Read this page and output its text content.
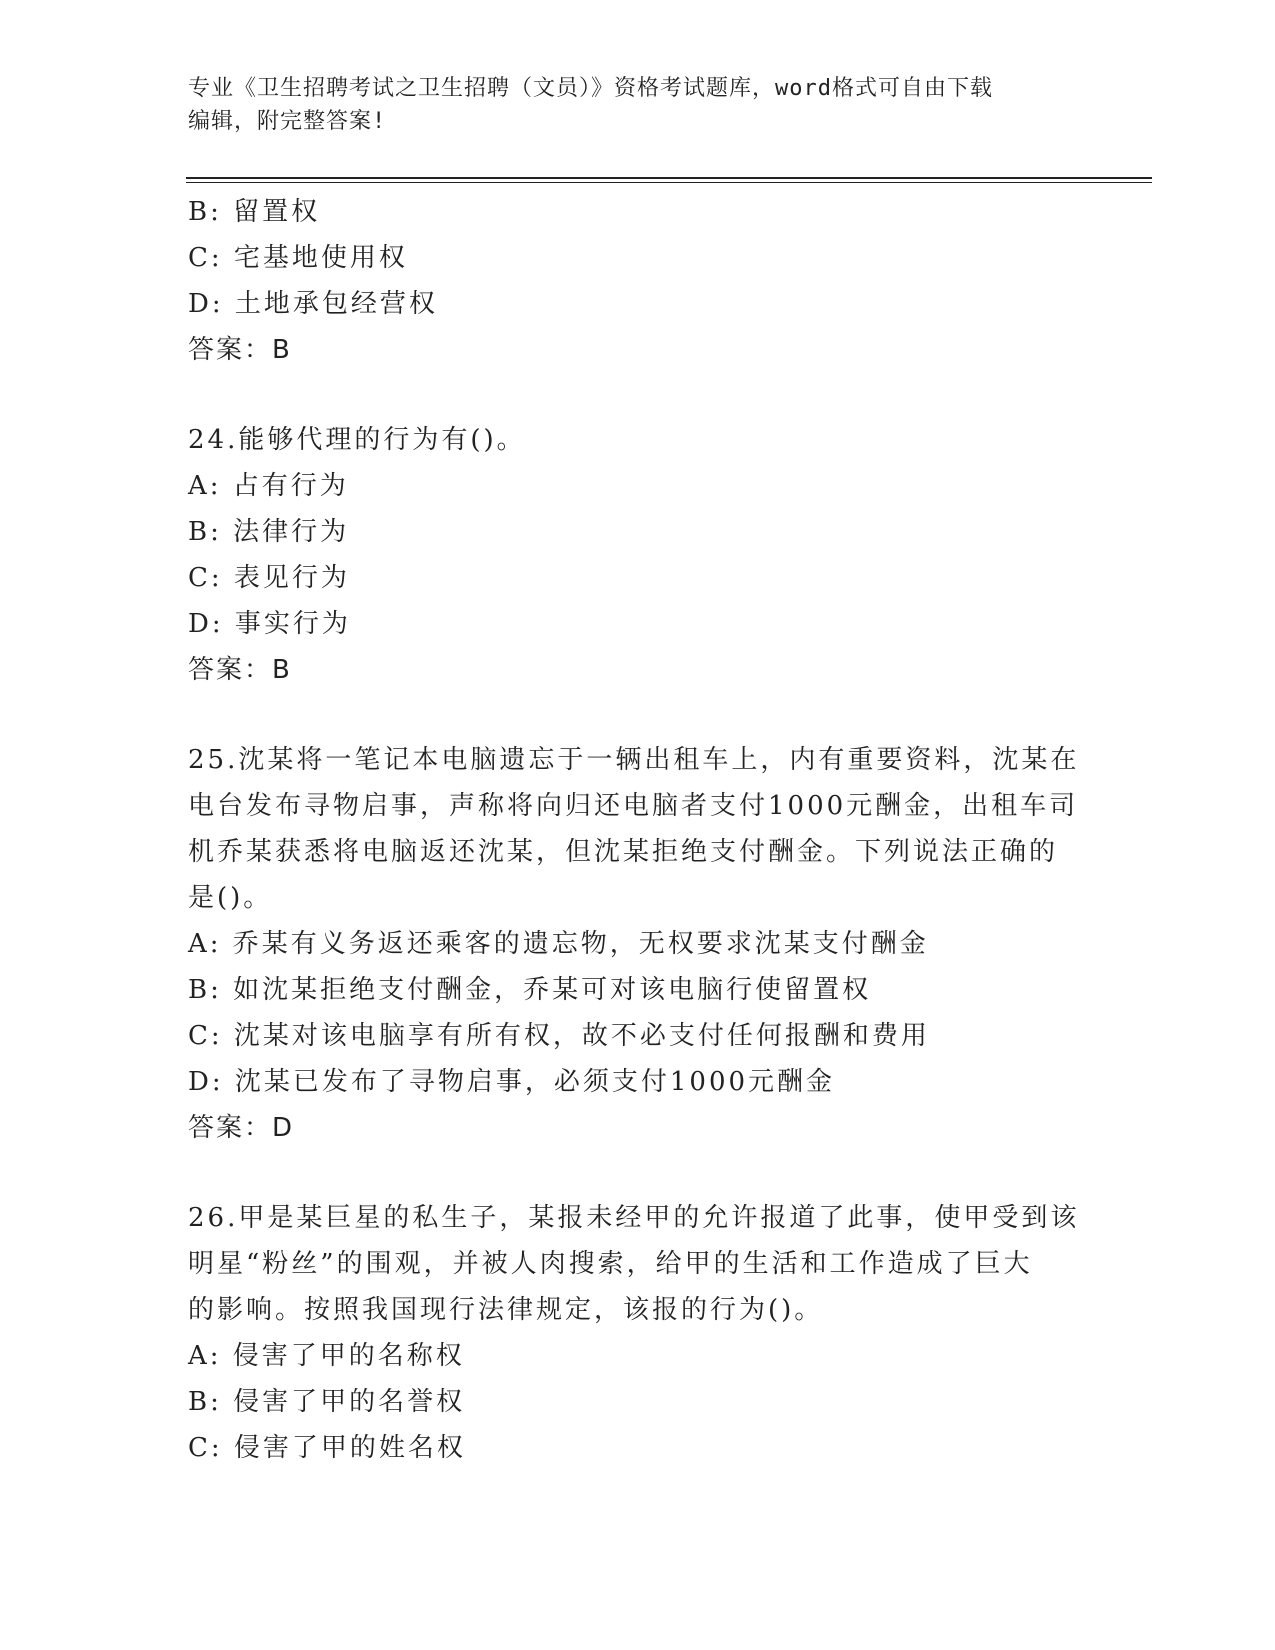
专业《卫生招聘考试之卫生招聘（文员）》资格考试题库，word格式可自由下载
编辑，附完整答案!
B: 留置权
C: 宅基地使用权
D: 土地承包经营权
答案：B
24.能够代理的行为有()。
A: 占有行为
B: 法律行为
C: 表见行为
D: 事实行为
答案：B
25.沈某将一笔记本电脑遗忘于一辆出租车上，内有重要资料，沈某在
电台发布寻物启事，声称将向归还电脑者支付1000元酬金，出租车司
机乔某获悉将电脑返还沈某，但沈某拒绝支付酬金。下列说法正确的
是()。
A: 乔某有义务返还乘客的遗忘物，无权要求沈某支付酬金
B: 如沈某拒绝支付酬金，乔某可对该电脑行使留置权
C: 沈某对该电脑享有所有权，故不必支付任何报酬和费用
D: 沈某已发布了寻物启事，必须支付1000元酬金
答案：D
26.甲是某巨星的私生子，某报未经甲的允许报道了此事，使甲受到该
明星“粉丝”的围观，并被人肉搜索，给甲的生活和工作造成了巨大
的影响。按照我国现行法律规定，该报的行为()。
A: 侵害了甲的名称权
B: 侵害了甲的名誉权
C: 侵害了甲的姓名权
